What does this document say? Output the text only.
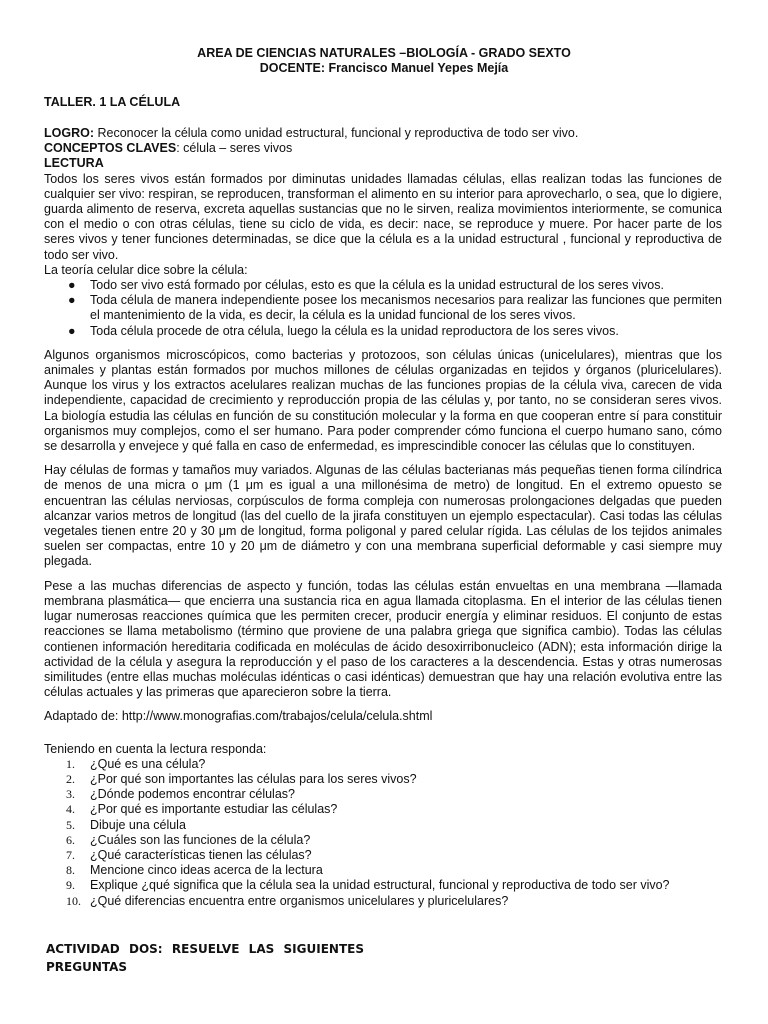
AREA DE CIENCIAS NATURALES –BIOLOGÍA - GRADO SEXTO
DOCENTE: Francisco Manuel Yepes Mejía
TALLER. 1 LA CÉLULA

LOGRO: Reconocer la célula como unidad estructural, funcional y reproductiva de todo ser vivo.

CONCEPTOS CLAVES: célula – seres vivos

LECTURA

Todos los seres vivos están formados por diminutas unidades llamadas células, ellas realizan todas las funciones de cualquier ser vivo: respiran, se reproducen, transforman el alimento en su interior para aprovecharlo, o sea, que lo digiere, guarda alimento de reserva, excreta aquellas sustancias que no le sirven, realiza movimientos interiormente, se comunica con el medio o con otras células, tiene su ciclo de vida, es decir: nace, se reproduce y muere. Por hacer parte de los seres vivos y tener funciones determinadas, se dice que la célula es a la unidad estructural , funcional y reproductiva de todo ser vivo.

La teoría celular dice sobre la célula:

● Todo ser vivo está formado por células, esto es que la célula es la unidad estructural de los seres vivos.
● Toda célula de manera independiente posee los mecanismos necesarios para realizar las funciones que permiten el mantenimiento de la vida, es decir, la célula es la unidad funcional de los seres vivos.
● Toda célula procede de otra célula, luego la célula es la unidad reproductora de los seres vivos.

Algunos organismos microscópicos, como bacterias y protozoos, son células únicas (unicelulares), mientras que los animales y plantas están formados por muchos millones de células organizadas en tejidos y órganos (pluricelulares). Aunque los virus y los extractos acelulares realizan muchas de las funciones propias de la célula viva, carecen de vida independiente, capacidad de crecimiento y reproducción propia de las células y, por tanto, no se consideran seres vivos. La biología estudia las células en función de su constitución molecular y la forma en que cooperan entre sí para constituir organismos muy complejos, como el ser humano. Para poder comprender cómo funciona el cuerpo humano sano, cómo se desarrolla y envejece y qué falla en caso de enfermedad, es imprescindible conocer las células que lo constituyen.

Hay células de formas y tamaños muy variados. Algunas de las células bacterianas más pequeñas tienen forma cilíndrica de menos de una micra o μm (1 μm es igual a una millonésima de metro) de longitud. En el extremo opuesto se encuentran las células nerviosas, corpúsculos de forma compleja con numerosas prolongaciones delgadas que pueden alcanzar varios metros de longitud (las del cuello de la jirafa constituyen un ejemplo espectacular). Casi todas las células vegetales tienen entre 20 y 30 μm de longitud, forma poligonal y pared celular rígida. Las células de los tejidos animales suelen ser compactas, entre 10 y 20 μm de diámetro y con una membrana superficial deformable y casi siempre muy plegada.

Pese a las muchas diferencias de aspecto y función, todas las células están envueltas en una membrana —llamada membrana plasmática— que encierra una sustancia rica en agua llamada citoplasma. En el interior de las células tienen lugar numerosas reacciones química que les permiten crecer, producir energía y eliminar residuos. El conjunto de estas reacciones se llama metabolismo (término que proviene de una palabra griega que significa cambio). Todas las células contienen información hereditaria codificada en moléculas de ácido desoxirribonucleico (ADN); esta información dirige la actividad de la célula y asegura la reproducción y el paso de los caracteres a la descendencia. Estas y otras numerosas similitudes (entre ellas muchas moléculas idénticas o casi idénticas) demuestran que hay una relación evolutiva entre las células actuales y las primeras que aparecieron sobre la tierra.

Adaptado de: http://www.monografias.com/trabajos/celula/celula.shtml

Teniendo en cuenta la lectura responda:

1. ¿Qué es una célula?
2. ¿Por qué son importantes las células para los seres vivos?
3. ¿Dónde podemos encontrar células?
4. ¿Por qué es importante estudiar las células?
5. Dibuje una célula
6. ¿Cuáles son las funciones de la célula?
7. ¿Qué características tienen las células?
8. Mencione cinco ideas acerca de la lectura
9. Explique ¿qué significa que la célula sea la unidad estructural, funcional y reproductiva de todo ser vivo?
10. ¿Qué diferencias encuentra entre organismos unicelulares y pluricelulares?
ACTIVIDAD DOS: RESUELVE LAS SIGUIENTES
PREGUNTAS
